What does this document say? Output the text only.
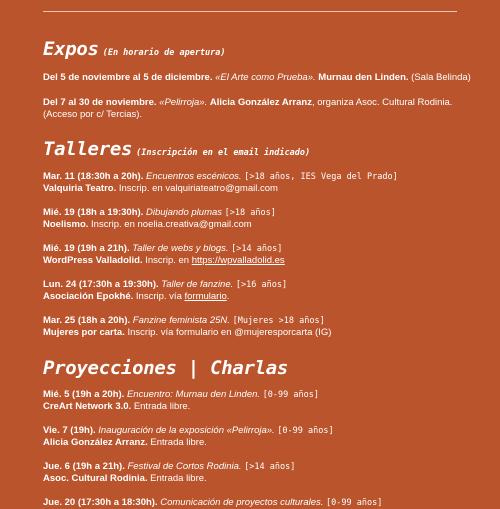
Expos (En horario de apertura)

Del 5 de noviembre al 5 de diciembre. «El Arte como Prueba». Murnau den Linden. (Sala Belinda)

Del 7 al 30 de noviembre. «Pelirroja». Alicia González Arranz, organiza Asoc. Cultural Rodinia.
(Acceso por c/ Tercias).

Talleres (Inscripción en el email indicado)

Mar. 11 (18:30h a 20h). Encuentros escénicos. [>18 años, IES Vega del Prado]
Valquiria Teatro. Inscrip. en valquiriateatro@gmail.com

Mié. 19 (18h a 19:30h). Dibujando plumas [>18 años]
Noelismo. Inscrip. en noelia.creativa@gmail.com

Mié. 19 (19h a 21h). Taller de webs y blogs. [>14 años]
WordPress Valladolid. Inscrip. en https://wpvalladolid.es

Lun. 24 (17:30h a 19:30h). Taller de fanzine. [>16 años]
Asociación Epokhé. Inscrip. vía formulario.

Mar. 25 (18h a 20h). Fanzine feminista 25N. [Mujeres >18 años]
Mujeres por carta. Inscrip. vía formulario en @mujeresporcarta (IG)

Proyecciones | Charlas

Mié. 5 (19h a 20h). Encuentro: Murnau den Linden. [0-99 años]
CreArt Network 3.0. Entrada libre.

Vie. 7 (19h). Inauguración de la exposición «Pelirroja». [0-99 años]
Alicia González Arranz. Entrada libre.

Jue. 6 (19h a 21h). Festival de Cortos Rodinia. [>14 años]
Asoc. Cultural Rodinia. Entrada libre.

Jue. 20 (17:30h a 18:30h). Comunicación de proyectos culturales. [0-99 años]
